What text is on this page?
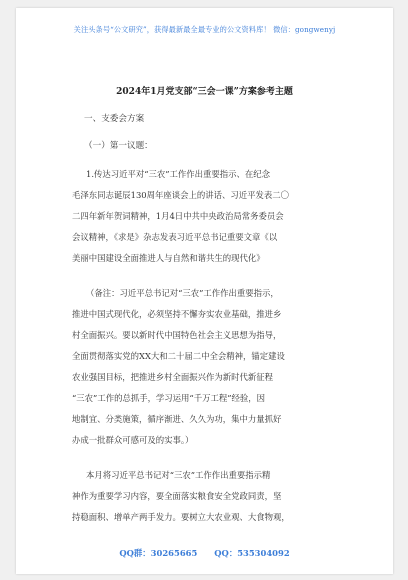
关注头条号“公文研究”，获得最新最全最专业的公文资料库！ 微信：gongwenyj
2024年1月党支部“三会一课”方案参考主题
一、支委会方案
（一）第一议题：
1.传达习近平对“三农”工作作出重要指示、在纪念
毛泽东同志诞辰130周年座谈会上的讲话、习近平发表二〇
二四年新年贺词精神，1月4日中共中央政治局常务委员会
会议精神，《求是》杂志发表习近平总书记重要文章《以
美丽中国建设全面推进人与自然和谐共生的现代化》
（备注：习近平总书记对“三农”工作作出重要指示，
推进中国式现代化，必须坚持不懈夯实农业基础，推进乡
村全面振兴。要以新时代中国特色社会主义思想为指导，
全面贯彻落实党的XX大和二十届二中全会精神，锚定建设
农业强国目标，把推进乡村全面振兴作为新时代新征程
“三农”工作的总抓手，学习运用“千万工程”经验，因
地制宜、分类施策，循序渐进、久久为功，集中力量抓好
办成一批群众可感可及的实事。）
本月将习近平总书记对“三农”工作作出重要指示精
神作为重要学习内容，要全面落实粮食安全党政同责，坚
持稳面积、增单产两手发力。要树立大农业观、大食物观，
QQ群：30265665 QQ：535304092
